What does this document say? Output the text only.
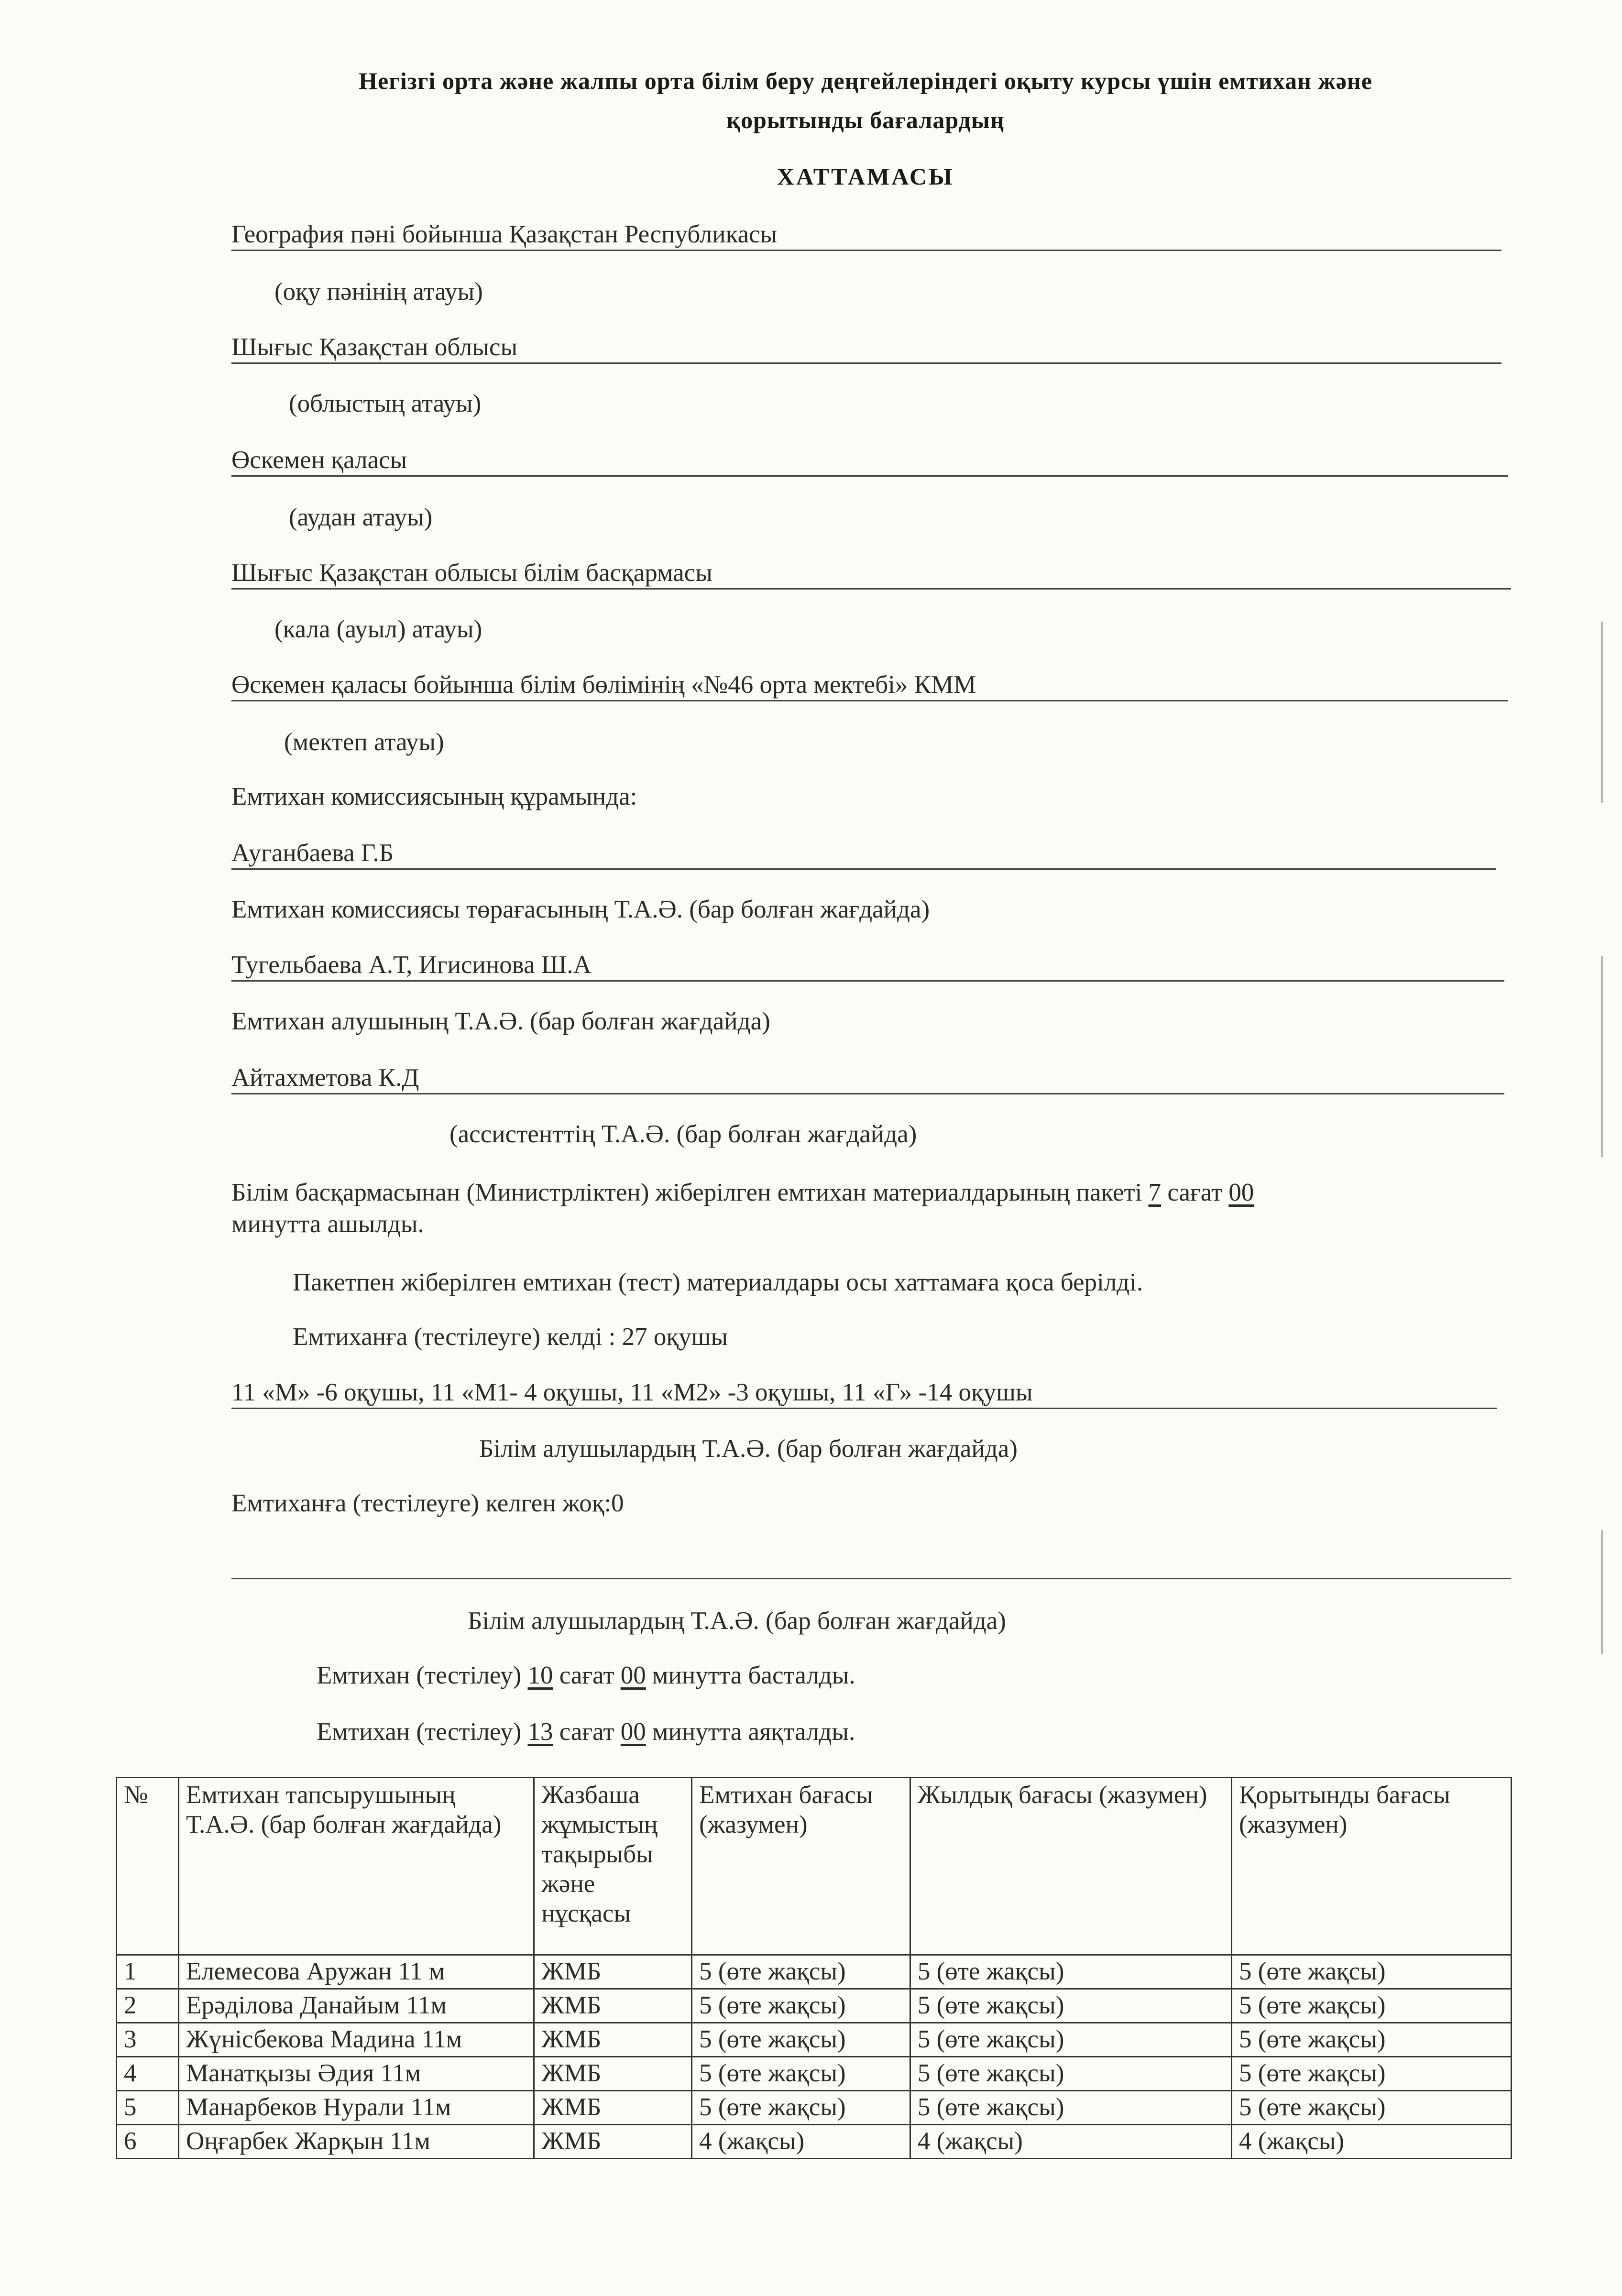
Негізгі орта және жалпы орта білім беру деңгейлеріндегі оқыту курсы үшін емтихан және
қорытынды бағалардың
ХАТТАМАСЫ
География пәні бойынша Қазақстан Республикасы
(оқу пәнінің атауы)
Шығыс Қазақстан облысы
(облыстың атауы)
Өскемен қаласы
(аудан атауы)
Шығыс Қазақстан облысы білім басқармасы
(кала (ауыл) атауы)
Өскемен қаласы бойынша білім бөлімінің «№46 орта мектебі» КММ
(мектеп атауы)
Емтихан комиссиясының құрамында:
Ауганбаева Г.Б
Емтихан комиссиясы төрағасының Т.А.Ә. (бар болған жағдайда)
Тугельбаева А.Т, Игисинова Ш.А
Емтихан алушының Т.А.Ә. (бар болған жағдайда)
Айтахметова К.Д
(ассистенттің Т.А.Ә. (бар болған жағдайда)
Білім басқармасынан (Министрліктен) жіберілген емтихан материалдарының пакеті 7 сағат 00
минутта ашылды.
Пакетпен жіберілген емтихан (тест) материалдары осы хаттамаға қоса берілді.
Емтиханға (тестілеуге) келді : 27 оқушы
11 «М» -6 оқушы, 11 «М1- 4 оқушы, 11 «М2» -3 оқушы, 11 «Г» -14 оқушы
Білім алушылардың Т.А.Ә. (бар болған жағдайда)
Емтиханға (тестілеуге) келген жоқ:0
Білім алушылардың Т.А.Ә. (бар болған жағдайда)
Емтихан (тестілеу) 10 сағат 00 минутта басталды.
Емтихан (тестілеу) 13 сағат 00 минутта аяқталды.
№	Емтихан тапсырушының Т.А.Ә. (бар болған жағдайда)	Жазбаша жұмыстың тақырыбы және нұсқасы	Емтихан бағасы (жазумен)	Жылдық бағасы (жазумен)	Қорытынды бағасы (жазумен)
1	Елемесова Аружан 11 м	ЖМБ	5 (өте жақсы)	5 (өте жақсы)	5 (өте жақсы)
2	Ерәділова Данайым 11м	ЖМБ	5 (өте жақсы)	5 (өте жақсы)	5 (өте жақсы)
3	Жүнісбекова Мадина 11м	ЖМБ	5 (өте жақсы)	5 (өте жақсы)	5 (өте жақсы)
4	Манатқызы Әдия 11м	ЖМБ	5 (өте жақсы)	5 (өте жақсы)	5 (өте жақсы)
5	Манарбеков Нурали 11м	ЖМБ	5 (өте жақсы)	5 (өте жақсы)	5 (өте жақсы)
6	Оңғарбек Жарқын 11м	ЖМБ	4 (жақсы)	4 (жақсы)	4 (жақсы)
